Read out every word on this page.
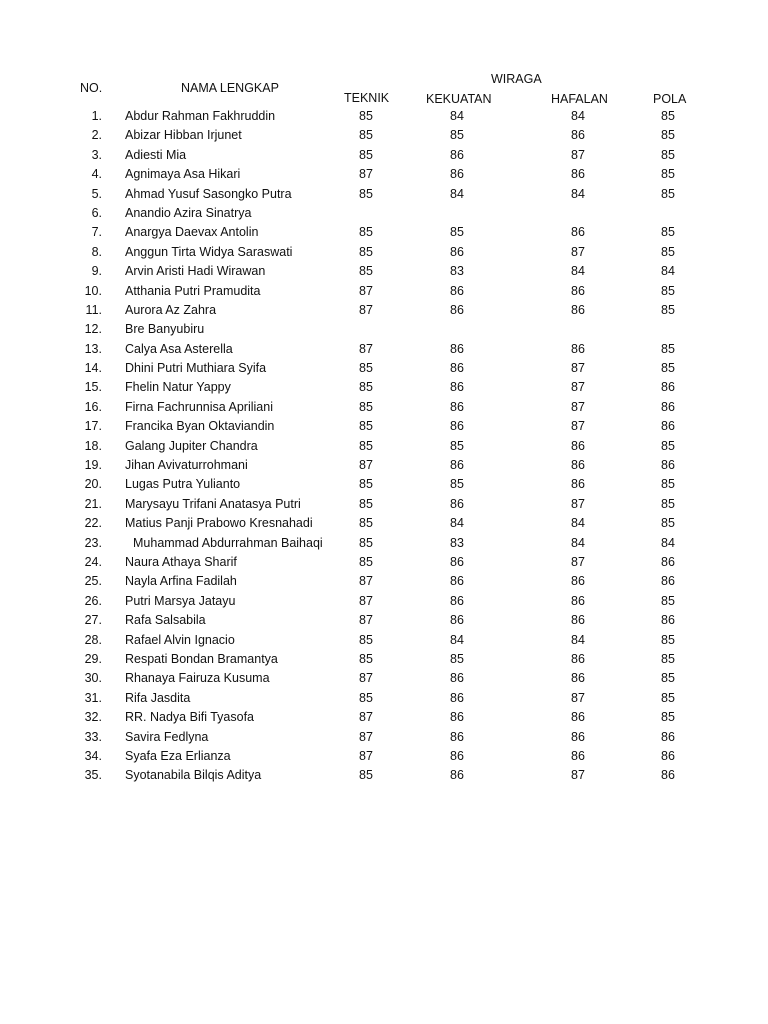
NO.	NAMA LENGKAP
WIRAGA
TEKNIK	KEKUATAN	HAFALAN	POLA
1. Abdur Rahman Fakhruddin	85	84	84	85
2. Abizar Hibban Irjunet	85	85	86	85
3. Adiesti Mia	85	86	87	85
4. Agnimaya Asa Hikari	87	86	86	85
5. Ahmad Yusuf Sasongko Putra	85	84	84	85
6. Anandio Azira Sinatrya
7. Anargya Daevax Antolin	85	85	86	85
8. Anggun Tirta Widya Saraswati	85	86	87	85
9. Arvin Aristi Hadi Wirawan	85	83	84	84
10. Atthania Putri Pramudita	87	86	86	85
11. Aurora Az Zahra	87	86	86	85
12. Bre Banyubiru
13. Calya Asa Asterella	87	86	86	85
14. Dhini Putri Muthiara Syifa	85	86	87	85
15. Fhelin Natur Yappy	85	86	87	86
16. Firna Fachrunnisa Apriliani	85	86	87	86
17. Francika Byan Oktaviandin	85	86	87	86
18. Galang Jupiter Chandra	85	85	86	85
19. Jihan Avivaturrohmani	87	86	86	86
20. Lugas Putra Yulianto	85	85	86	85
21. Marysayu Trifani Anatasya Putri	85	86	87	85
22. Matius Panji Prabowo Kresnahadi	85	84	84	85
23. Muhammad Abdurrahman Baihaqi	85	83	84	84
24. Naura Athaya Sharif	85	86	87	86
25. Nayla Arfina Fadilah	87	86	86	86
26. Putri Marsya Jatayu	87	86	86	85
27. Rafa Salsabila	87	86	86	86
28. Rafael Alvin Ignacio	85	84	84	85
29. Respati Bondan Bramantya	85	85	86	85
30. Rhanaya Fairuza Kusuma	87	86	86	85
31. Rifa Jasdita	85	86	87	85
32. RR. Nadya Bifi Tyasofa	87	86	86	85
33. Savira Fedlyna	87	86	86	86
34. Syafa Eza Erlianza	87	86	86	86
35. Syotanabila Bilqis Aditya	85	86	87	86
